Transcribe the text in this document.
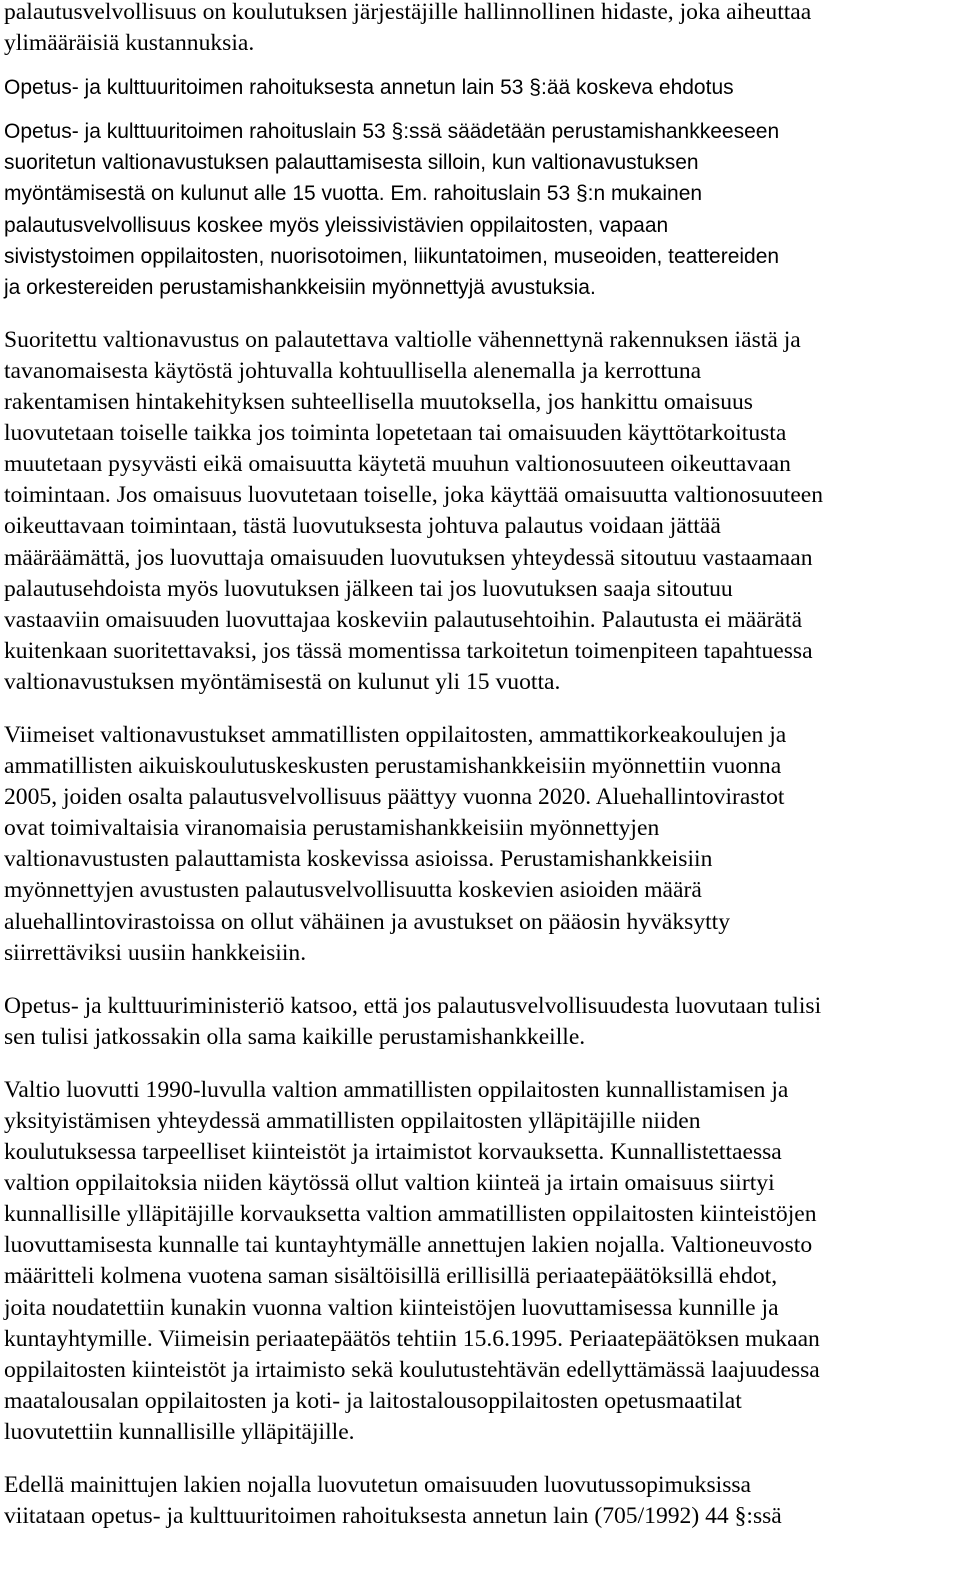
palautusvelvollisuus on koulutuksen järjestäjille hallinnollinen hidaste, joka aiheuttaa
ylimääräisiä kustannuksia.
Opetus- ja kulttuuritoimen rahoituksesta annetun lain 53 §:ää koskeva ehdotus
Opetus- ja kulttuuritoimen rahoituslain 53 §:ssä säädetään perustamishankkeeseen
suoritetun valtionavustuksen palauttamisesta silloin, kun valtionavustuksen
myöntämisestä on kulunut alle 15 vuotta. Em. rahoituslain 53 §:n mukainen
palautusvelvollisuus koskee myös yleissivistävien oppilaitosten, vapaan
sivistystoimen oppilaitosten, nuorisotoimen, liikuntatoimen, museoiden, teattereiden
ja orkestereiden perustamishankkeisiin myönnettyjä avustuksia.
Suoritettu valtionavustus on palautettava valtiolle vähennettynä rakennuksen iästä ja
tavanomaisesta käytöstä johtuvalla kohtuullisella alenemalla ja kerrottuna
rakentamisen hintakehityksen suhteellisella muutoksella, jos hankittu omaisuus
luovutetaan toiselle taikka jos toiminta lopetetaan tai omaisuuden käyttötarkoitusta
muutetaan pysyvästi eikä omaisuutta käytetä muuhun valtionosuuteen oikeuttavaan
toimintaan. Jos omaisuus luovutetaan toiselle, joka käyttää omaisuutta valtionosuuteen
oikeuttavaan toimintaan, tästä luovutuksesta johtuva palautus voidaan jättää
määräämättä, jos luovuttaja omaisuuden luovutuksen yhteydessä sitoutuu vastaamaan
palautusehdoista myös luovutuksen jälkeen tai jos luovutuksen saaja sitoutuu
vastaaviin omaisuuden luovuttajaa koskeviin palautusehtoihin. Palautusta ei määrätä
kuitenkaan suoritettavaksi, jos tässä momentissa tarkoitetun toimenpiteen tapahtuessa
valtionavustuksen myöntämisestä on kulunut yli 15 vuotta.
Viimeiset valtionavustukset ammatillisten oppilaitosten, ammattikorkeakoulujen ja
ammatillisten aikuiskoulutuskeskusten perustamishankkeisiin myönnettiin vuonna
2005, joiden osalta palautusvelvollisuus päättyy vuonna 2020. Aluehallintovirastot
ovat toimivaltaisia viranomaisia perustamishankkeisiin myönnettyjen
valtionavustusten palauttamista koskevissa asioissa. Perustamishankkeisiin
myönnettyjen avustusten palautusvelvollisuutta koskevien asioiden määrä
aluehallintovirastoissa on ollut vähäinen ja avustukset on pääosin hyväksytty
siirrettäviksi uusiin hankkeisiin.
Opetus- ja kulttuuriministeriö katsoo, että jos palautusvelvollisuudesta luovutaan tulisi
sen tulisi jatkossakin olla sama kaikille perustamishankkeille.
Valtio luovutti 1990-luvulla valtion ammatillisten oppilaitosten kunnallistamisen ja
yksityistämisen yhteydessä ammatillisten oppilaitosten ylläpitäjille niiden
koulutuksessa tarpeelliset kiinteistöt ja irtaimistot korvauksetta. Kunnallistettaessa
valtion oppilaitoksia niiden käytössä ollut valtion kiinteä ja irtain omaisuus siirtyi
kunnallisille ylläpitäjille korvauksetta valtion ammatillisten oppilaitosten kiinteistöjen
luovuttamisesta kunnalle tai kuntayhtymälle annettujen lakien nojalla. Valtioneuvosto
määritteli kolmena vuotena saman sisältöisillä erillisillä periaatepäätöksillä ehdot,
joita noudatettiin kunakin vuonna valtion kiinteistöjen luovuttamisessa kunnille ja
kuntayhtymille. Viimeisin periaatepäätös tehtiin 15.6.1995. Periaatepäätöksen mukaan
oppilaitosten kiinteistöt ja irtaimisto sekä koulutustehtävän edellyttämässä laajuudessa
maatalousalan oppilaitosten ja koti- ja laitostalousoppilaitosten opetusmaatilat
luovutettiin kunnallisille ylläpitäjille.
Edellä mainittujen lakien nojalla luovutetun omaisuuden luovutussopimuksissa
viitataan opetus- ja kulttuuritoimen rahoituksesta annetun lain (705/1992) 44 §:ssä
